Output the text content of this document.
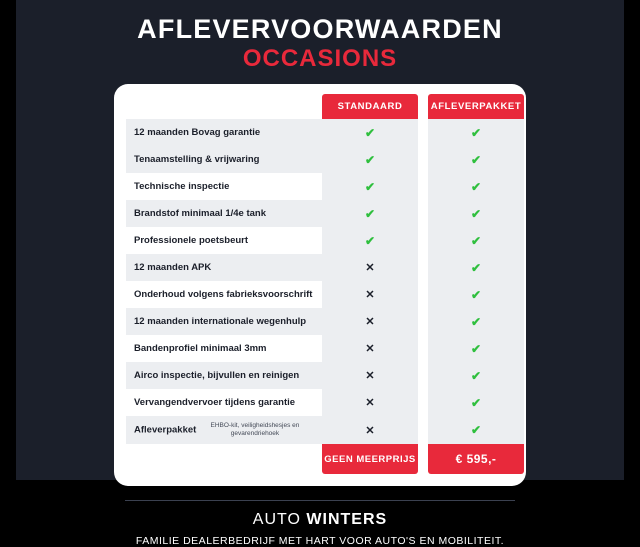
AFLEVERVOORWAARDEN
OCCASIONS
	STANDAARD		AFLEVERPAKKET
12 maanden Bovag garantie	✔		✔
Tenaamstelling & vrijwaring	✔		✔
Technische inspectie	✔		✔
Brandstof minimaal 1/4e tank	✔		✔
Professionele poetsbeurt	✔		✔
12 maanden APK	✕		✔
Onderhoud volgens fabrieksvoorschrift	✕		✔
12 maanden internationale wegenhulp	✕		✔
Bandenprofiel minimaal 3mm	✕		✔
Airco inspectie, bijvullen en reinigen	✕		✔
Vervangendvervoer tijdens garantie	✕		✔
Afleverpakket EHBO-kit, veiligheidshesjes en gevarendriehoek	✕		✔
	GEEN MEERPRIJS		€ 595,-
AUTO WINTERS
FAMILIE DEALERBEDRIJF MET HART VOOR AUTO'S EN MOBILITEIT.
